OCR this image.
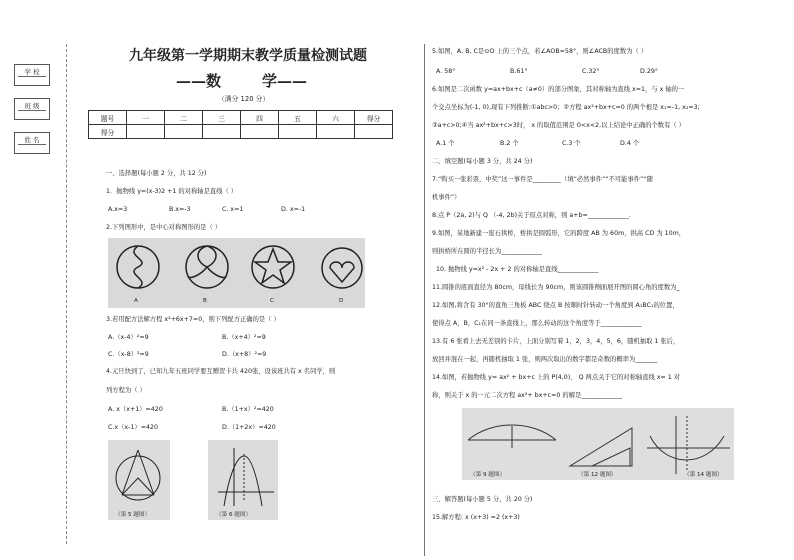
学 校
班 级
姓 名
九年级第一学期期末教学质量检测试题
——数	学——
（满分 120 分）
题号	一	二	三	四	五	六	得分
得分							
一、选择题(每小题 2 分，共 12 分)
1．抛物线 y=(x-3)2 +1 的对称轴是直线（ ）
A.x=3	B.x=-3	C. x=1	D. x=-1
2.下列图形中，是中心对称图形的是（ ）
A	B	C	D
3.若用配方法解方程 x²+6x+7=0，则下列配方正确的是（ ）
A.（x-4）²=9	B.（x+4）²=9
C.（x-8）²=9	D.（x+8）²=9
4.元旦快到了，已知九年五班同学要互赠贺卡共 420张，设该班共有 x 名同学，则
列方程为（ ）
A. x（x+1）=420	B.（1+x）²=420
C.x（x-1）=420	D.（1+2x）=420
（第 5 题图）	（第 6 题图）
5.如图，A, B, C是⊙O 上的三个点，若∠AOB=58°，则∠ACB的度数为（ ）
A. 58°	B.61°	C.32°	D.29°
6.如图是二次函数 y=ax+bx+c（a≠0）的部分图象，其对称轴为直线 x=1，与 x 轴的一
个交点坐标为(-1, 0),现有下列推断:①abc>0；②方程 ax²+bx+c=0 的两个根是 x₁=-1, x₂=3;
③a+c>0;④当 ax²+bx+c>3时， x 的取值范围是 0<x<2,以上结论中正确的个数有（ ）
A.1 个	B.2 个	C.3 个	D.4 个
二、填空题(每小题 3 分，共 24 分)
7.“购买一张彩票，中奖”这一事件是_________（填“必然事件”“不可能事件”“随
机事件”）
8.点 P（2a, 2)与 Q （-4, 2b)关于原点对称，则 a+b=_____________.
9.如图，某地新建一座石拱桥，桥拱是圆弧形，它的跨度 AB 为 60m，拱高 CD 为 10m，
则拱桥所在圆的半径长为_____________
10. 抛物线 y=x² - 2x + 2 的对称轴是直线_____________
11.圆锥的底面直径为 80cm，母线长为 90cm，则该圆锥侧面展开图的圆心角的度数为_
12.如图,将含有 30°的直角三角板 ABC 绕点 B 按顺时针转动一个角度到 A₁BC₁的位置，
使得点 A，B，C₁在同一条直线上，那么转动的这个角度等于_____________
13.有 6 张看上去无差别的卡片，上面分别写着 1，2，3，4，5，6，随机抽取 1 张后，
放回并混在一起，再随机抽取 1 张，则两次取出的数字都是奇数的概率为_______
14.如图，若抛物线 y= ax² + bx+c 上的 P(4,0)， Q 两点关于它的对称轴直线 x= 1 对
称，则关于 x 的一元二次方程 ax²+ bx+c=0 的解是_____________
（第 9 题图）	（第 12 题图）	（第 14 题图）
三、解答题(每小题 5 分，共 20 分)
15.解方程: x (x+3) =2 (x+3)
